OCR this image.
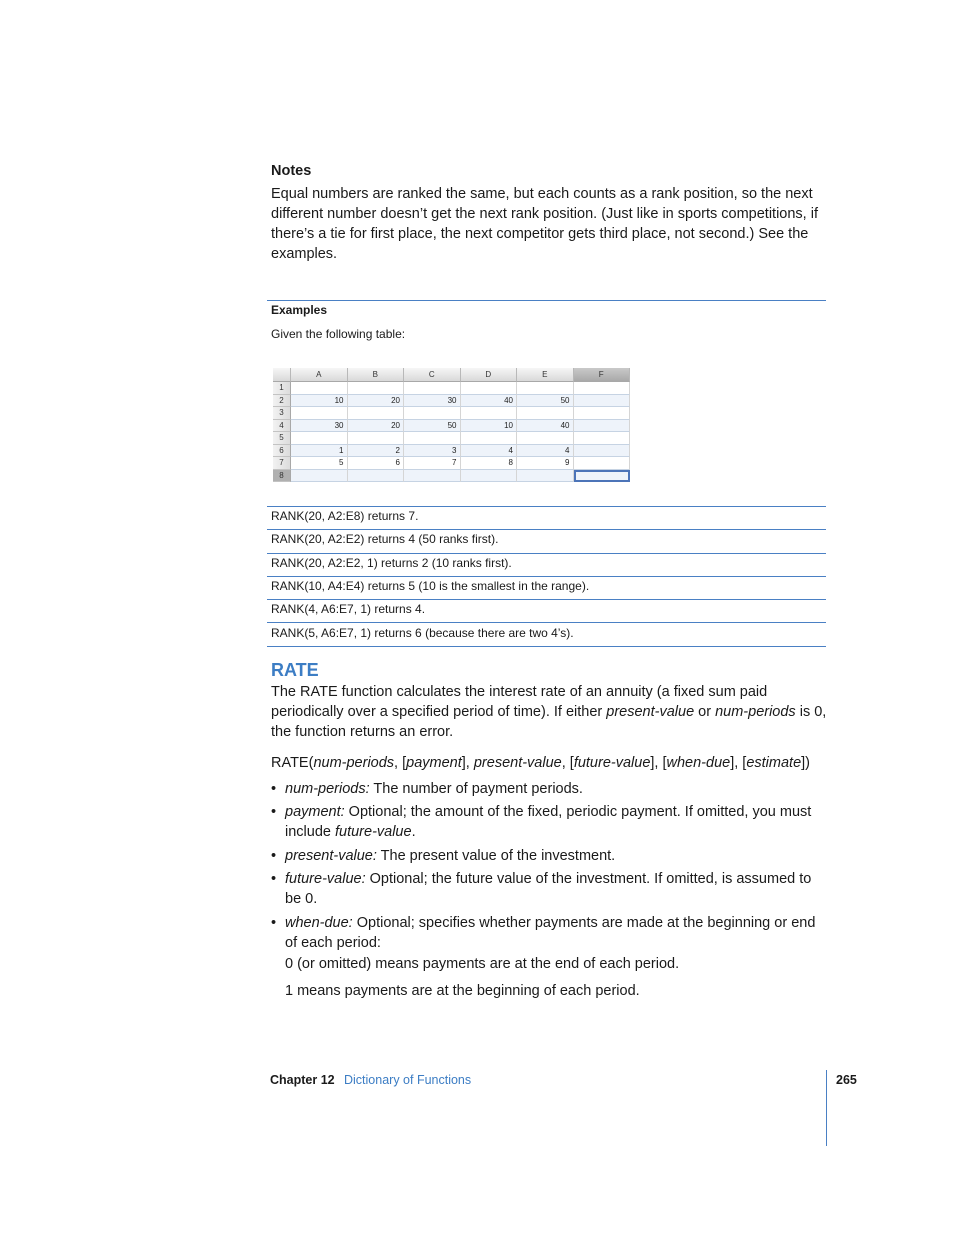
Notes
Equal numbers are ranked the same, but each counts as a rank position, so the next different number doesn’t get the next rank position. (Just like in sports competitions, if there’s a tie for first place, the next competitor gets third place, not second.) See the examples.
Examples
Given the following table:
A	B	C	D	E	F
1
2	10	20	30	40	50
3
4	30	20	50	10	40
5
6	1	2	3	4	4
7	5	6	7	8	9
8
RANK(20, A2:E8) returns 7.
RANK(20, A2:E2) returns 4 (50 ranks first).
RANK(20, A2:E2, 1) returns 2 (10 ranks first).
RANK(10, A4:E4) returns 5 (10 is the smallest in the range).
RANK(4, A6:E7, 1) returns 4.
RANK(5, A6:E7, 1) returns 6 (because there are two 4’s).
RATE
The RATE function calculates the interest rate of an annuity (a fixed sum paid periodically over a specified period of time). If either present-value or num-periods is 0, the function returns an error.
RATE(num-periods, [payment], present-value, [future-value], [when-due], [estimate])
• num-periods: The number of payment periods.
• payment: Optional; the amount of the fixed, periodic payment. If omitted, you must include future-value.
• present-value: The present value of the investment.
• future-value: Optional; the future value of the investment. If omitted, is assumed to be 0.
• when-due: Optional; specifies whether payments are made at the beginning or end of each period:
0 (or omitted) means payments are at the end of each period.
1 means payments are at the beginning of each period.
Chapter 12 Dictionary of Functions	265
